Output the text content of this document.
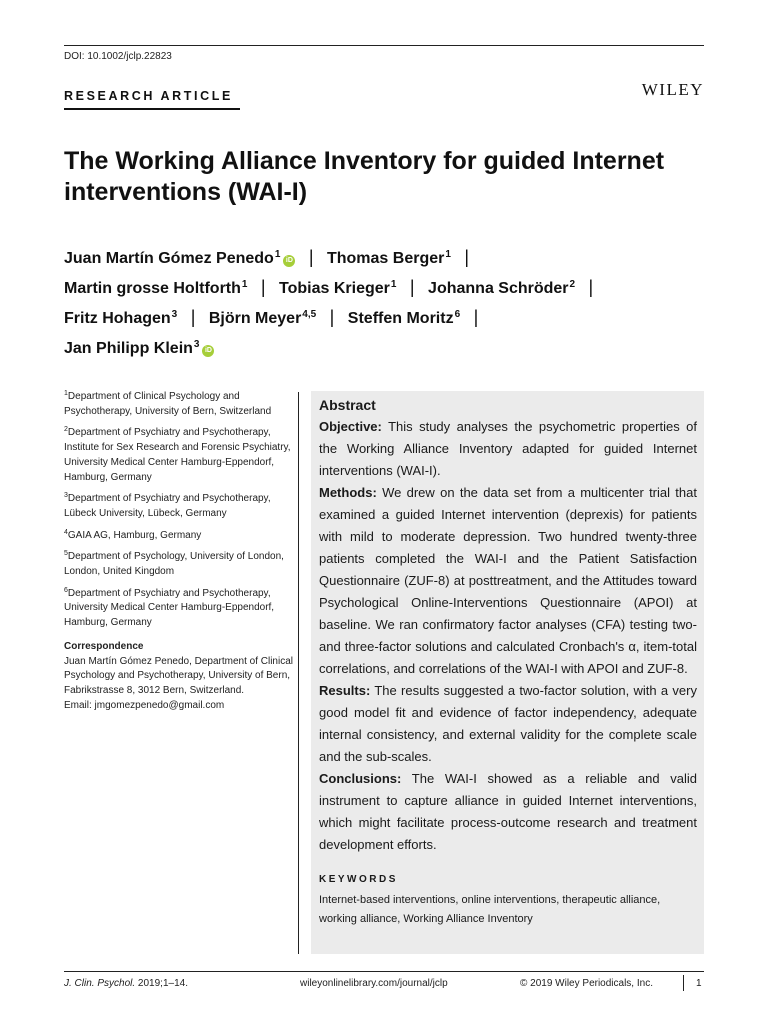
DOI: 10.1002/jclp.22823
RESEARCH ARTICLE	WILEY
The Working Alliance Inventory for guided Internet interventions (WAI-I)
Juan Martín Gómez Penedo$^1$iD | Thomas Berger$^1$ |
Martin grosse Holtforth$^1$ | Tobias Krieger$^1$ | Johanna Schröder$^2$ |
Fritz Hohagen$^3$ | Björn Meyer$^{4,5}$ | Steffen Moritz$^6$ |
Jan Philipp Klein$^3$iD
$^1$Department of Clinical Psychology and Psychotherapy, University of Bern, Switzerland
$^2$Department of Psychiatry and Psychotherapy, Institute for Sex Research and Forensic Psychiatry, University Medical Center Hamburg-Eppendorf, Hamburg, Germany
$^3$Department of Psychiatry and Psychotherapy, Lübeck University, Lübeck, Germany
$^4$GAIA AG, Hamburg, Germany
$^5$Department of Psychology, University of London, London, United Kingdom
$^6$Department of Psychiatry and Psychotherapy, University Medical Center Hamburg-Eppendorf, Hamburg, Germany
Correspondence
Juan Martín Gómez Penedo, Department of Clinical Psychology and Psychotherapy, University of Bern, Fabrikstrasse 8, 3012 Bern, Switzerland.
Email: jmgomezpenedo@gmail.com
Abstract
Objective: This study analyses the psychometric properties of the Working Alliance Inventory adapted for guided Internet interventions (WAI-I).
Methods: We drew on the data set from a multicenter trial that examined a guided Internet intervention (deprexis) for patients with mild to moderate depression. Two hundred twenty-three patients completed the WAI-I and the Patient Satisfaction Questionnaire (ZUF-8) at posttreatment, and the Attitudes toward Psychological Online-Interventions Questionnaire (APOI) at baseline. We ran confirmatory factor analyses (CFA) testing two- and three-factor solutions and calculated Cronbach's α, item-total correlations, and correlations of the WAI-I with APOI and ZUF-8.
Results: The results suggested a two-factor solution, with a very good model fit and evidence of factor independency, adequate internal consistency, and external validity for the complete scale and the sub-scales.
Conclusions: The WAI-I showed as a reliable and valid instrument to capture alliance in guided Internet interventions, which might facilitate process-outcome research and treatment development efforts.
KEYWORDS
Internet-based interventions, online interventions, therapeutic alliance, working alliance, Working Alliance Inventory
J. Clin. Psychol. 2019;1–14.	wileyonlinelibrary.com/journal/jclp	© 2019 Wiley Periodicals, Inc.	1
